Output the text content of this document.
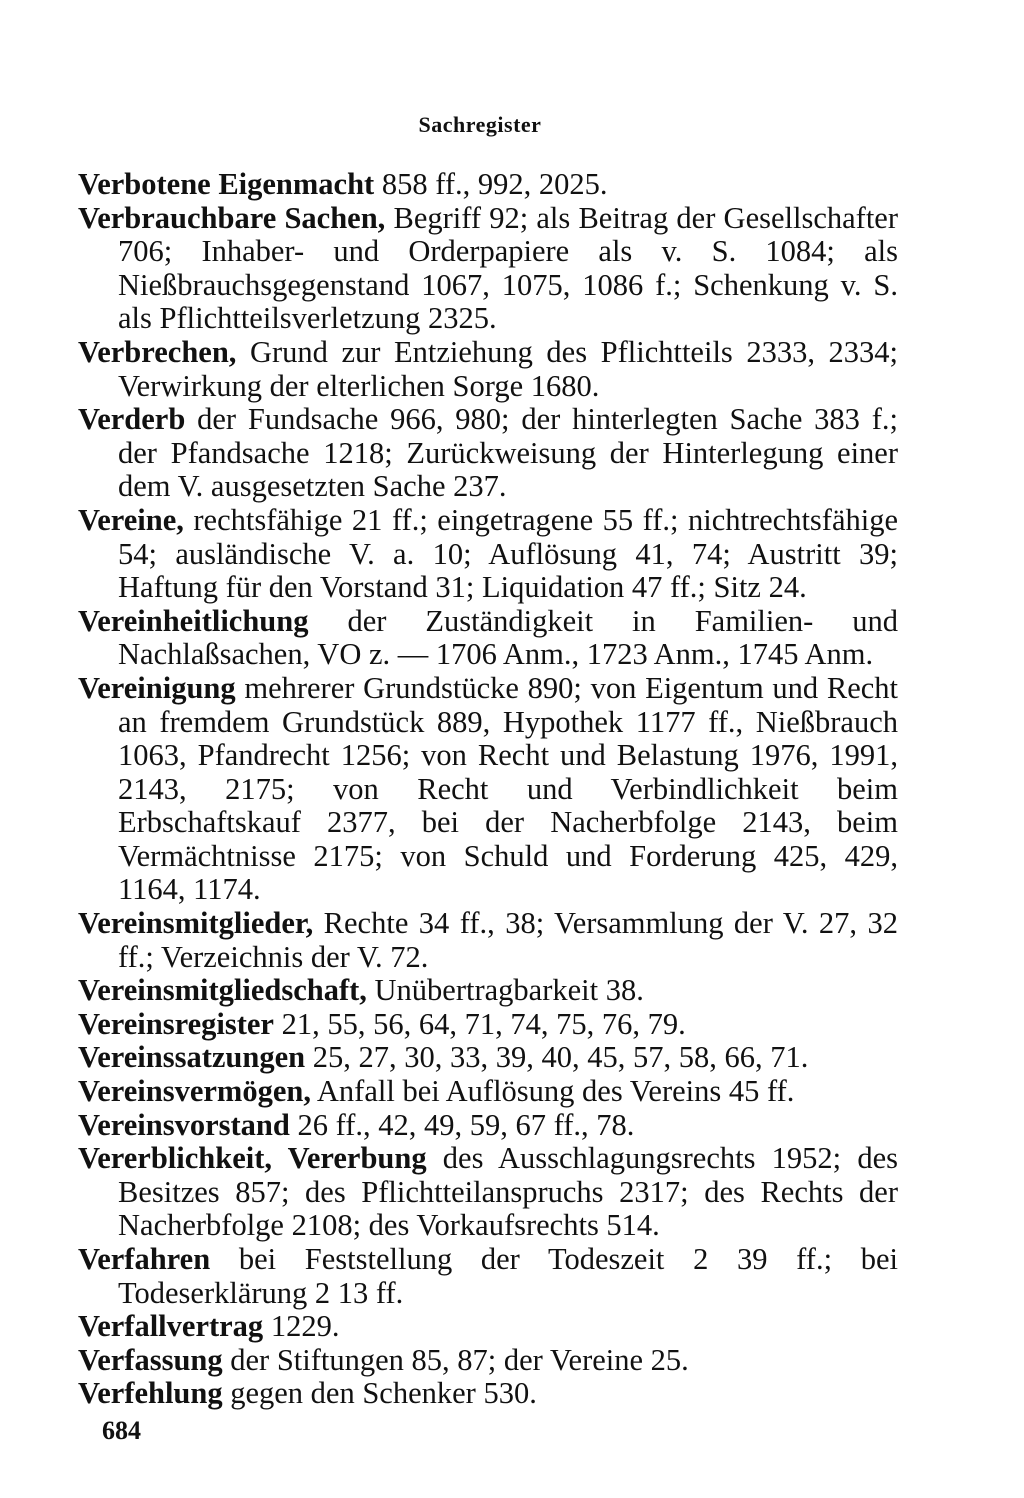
Sachregister

Verbotene Eigenmacht 858 ff., 992, 2025.

Verbrauchbare Sachen, Begriff 92; als Beitrag der Gesellschafter 706; Inhaber- und Orderpapiere als v. S. 1084; als Nießbrauchsgegenstand 1067, 1075, 1086 f.; Schenkung v. S. als Pflichtteilsverletzung 2325.

Verbrechen, Grund zur Entziehung des Pflichtteils 2333, 2334; Verwirkung der elterlichen Sorge 1680.

Verderb der Fundsache 966, 980; der hinterlegten Sache 383 f.; der Pfandsache 1218; Zurückweisung der Hinterlegung einer dem V. ausgesetzten Sache 237.

Vereine, rechtsfähige 21 ff.; eingetragene 55 ff.; nichtrechtsfähige 54; ausländische V. a. 10; Auflösung 41, 74; Austritt 39; Haftung für den Vorstand 31; Liquidation 47 ff.; Sitz 24.

Vereinheitlichung der Zuständigkeit in Familien- und Nachlaßsachen, VO z. — 1706 Anm., 1723 Anm., 1745 Anm.

Vereinigung mehrerer Grundstücke 890; von Eigentum und Recht an fremdem Grundstück 889, Hypothek 1177 ff., Nießbrauch 1063, Pfandrecht 1256; von Recht und Belastung 1976, 1991, 2143, 2175; von Recht und Verbindlichkeit beim Erbschaftskauf 2377, bei der Nacherbfolge 2143, beim Vermächtnisse 2175; von Schuld und Forderung 425, 429, 1164, 1174.

Vereinsmitglieder, Rechte 34 ff., 38; Versammlung der V. 27, 32 ff.; Verzeichnis der V. 72.

Vereinsmitgliedschaft, Unübertragbarkeit 38.

Vereinsregister 21, 55, 56, 64, 71, 74, 75, 76, 79.

Vereinssatzungen 25, 27, 30, 33, 39, 40, 45, 57, 58, 66, 71.

Vereinsvermögen, Anfall bei Auflösung des Vereins 45 ff.

Vereinsvorstand 26 ff., 42, 49, 59, 67 ff., 78.

Vererblichkeit, Vererbung des Ausschlagungsrechts 1952; des Besitzes 857; des Pflichtteilanspruchs 2317; des Rechts der Nacherbfolge 2108; des Vorkaufsrechts 514.

Verfahren bei Feststellung der Todeszeit 2 39 ff.; bei Todeserklärung 2 13 ff.

Verfallvertrag 1229.

Verfassung der Stiftungen 85, 87; der Vereine 25.

Verfehlung gegen den Schenker 530.

684
